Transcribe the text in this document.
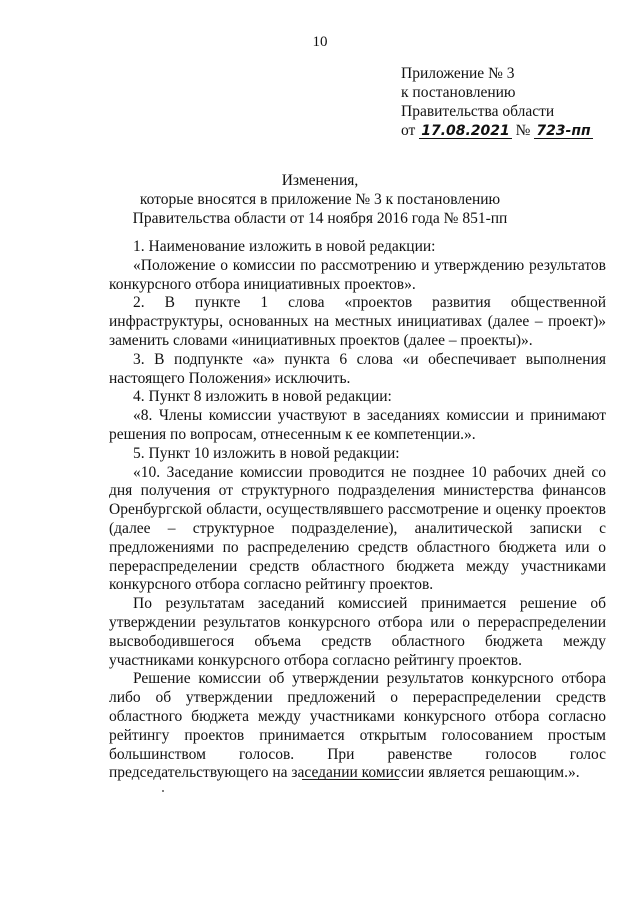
10
Приложение № 3
к постановлению
Правительства области
от 17.08.2021 № 723-пп
Изменения,
которые вносятся в приложение № 3 к постановлению
Правительства области от 14 ноября 2016 года № 851-пп

1. Наименование изложить в новой редакции:

«Положение о комиссии по рассмотрению и утверждению результатов конкурсного отбора инициативных проектов».

2. В пункте 1 слова «проектов развития общественной инфраструктуры, основанных на местных инициативах (далее – проект)» заменить словами «инициативных проектов (далее – проекты)».

3. В подпункте «а» пункта 6 слова «и обеспечивает выполнения настоящего Положения» исключить.

4. Пункт 8 изложить в новой редакции:

«8. Члены комиссии участвуют в заседаниях комиссии и принимают решения по вопросам, отнесенным к ее компетенции.».

5. Пункт 10 изложить в новой редакции:

«10. Заседание комиссии проводится не позднее 10 рабочих дней со дня получения от структурного подразделения министерства финансов Оренбургской области, осуществлявшего рассмотрение и оценку проектов (далее – структурное подразделение), аналитической записки с предложениями по распределению средств областного бюджета или о перераспределении средств областного бюджета между участниками конкурсного отбора согласно рейтингу проектов.

По результатам заседаний комиссией принимается решение об утверждении результатов конкурсного отбора или о перераспределении высвободившегося объема средств областного бюджета между участниками конкурсного отбора согласно рейтингу проектов.

Решение комиссии об утверждении результатов конкурсного отбора либо об утверждении предложений о перераспределении средств областного бюджета между участниками конкурсного отбора согласно рейтингу проектов принимается открытым голосованием простым большинством голосов. При равенстве голосов голос председательствующего на заседании комиссии является решающим.».
